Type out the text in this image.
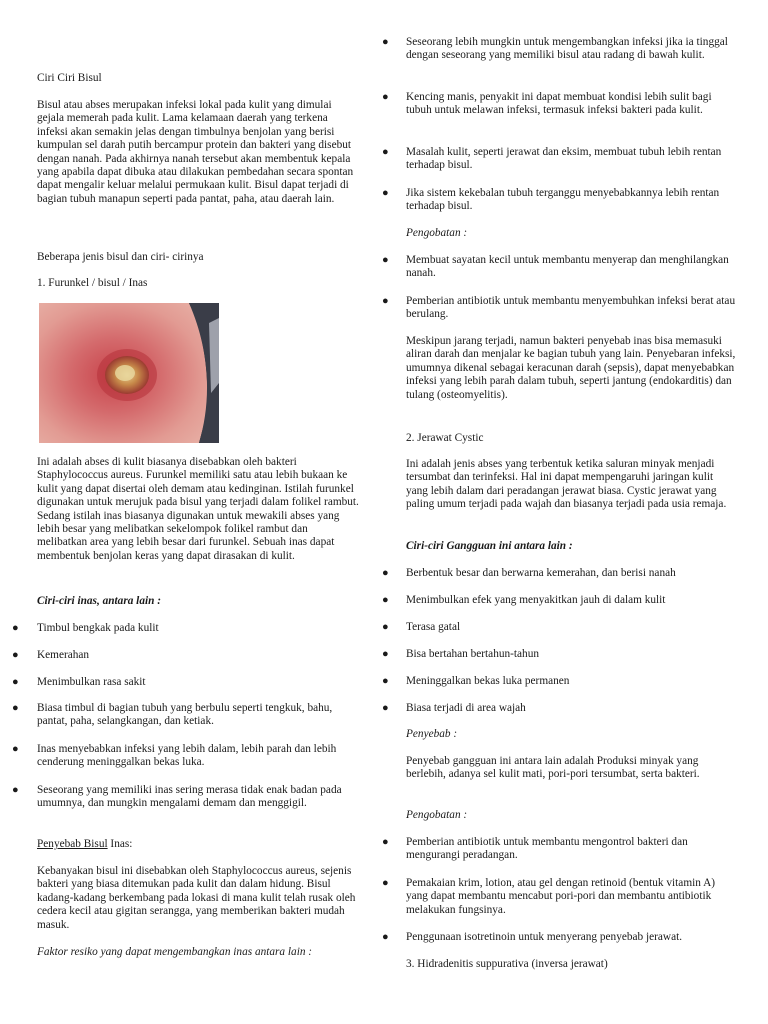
Ciri Ciri Bisul

Bisul atau abses merupakan infeksi lokal pada kulit yang dimulai gejala memerah pada kulit. Lama kelamaan daerah yang terkena infeksi akan semakin jelas dengan timbulnya benjolan yang berisi kumpulan sel darah putih bercampur protein dan bakteri yang disebut dengan nanah. Pada akhirnya nanah tersebut akan membentuk kepala yang apabila dapat dibuka atau dilakukan pembedahan secara spontan dapat mengalir keluar melalui permukaan kulit. Bisul dapat terjadi di bagian tubuh manapun seperti pada pantat, paha, atau daerah lain.

Beberapa jenis bisul dan ciri- cirinya

1. Furunkel / bisul / Inas

Ini adalah abses di kulit biasanya disebabkan oleh bakteri Staphylococcus aureus. Furunkel memiliki satu atau lebih bukaan ke kulit yang dapat disertai oleh demam atau kedinginan. Istilah furunkel digunakan untuk merujuk pada bisul yang terjadi dalam folikel rambut. Sedang istilah inas biasanya digunakan untuk mewakili abses yang lebih besar yang melibatkan sekelompok folikel rambut dan melibatkan area yang lebih besar dari furunkel. Sebuah inas dapat membentuk benjolan keras yang dapat dirasakan di kulit.

Ciri-ciri inas, antara lain :

● Timbul bengkak pada kulit
● Kemerahan
● Menimbulkan rasa sakit
● Biasa timbul di bagian tubuh yang berbulu seperti tengkuk, bahu, pantat, paha, selangkangan, dan ketiak.
● Inas menyebabkan infeksi yang lebih dalam, lebih parah dan lebih cenderung meninggalkan bekas luka.
● Seseorang yang memiliki inas sering merasa tidak enak badan pada umumnya, dan mungkin mengalami demam dan menggigil.

Penyebab Bisul Inas:

Kebanyakan bisul ini disebabkan oleh Staphylococcus aureus, sejenis bakteri yang biasa ditemukan pada kulit dan dalam hidung. Bisul kadang-kadang berkembang pada lokasi di mana kulit telah rusak oleh cedera kecil atau gigitan serangga, yang memberikan bakteri mudah masuk.

Faktor resiko yang dapat mengembangkan inas antara lain :

● Seseorang lebih mungkin untuk mengembangkan infeksi jika ia tinggal dengan seseorang yang memiliki bisul atau radang di bawah kulit.
● Kencing manis, penyakit ini dapat membuat kondisi lebih sulit bagi tubuh untuk melawan infeksi, termasuk infeksi bakteri pada kulit.
● Masalah kulit, seperti jerawat dan eksim, membuat tubuh lebih rentan terhadap bisul.
● Jika sistem kekebalan tubuh terganggu menyebabkannya lebih rentan terhadap bisul.

Pengobatan :

● Membuat sayatan kecil untuk membantu menyerap dan menghilangkan nanah.
● Pemberian antibiotik untuk membantu menyembuhkan infeksi berat atau berulang.

Meskipun jarang terjadi, namun bakteri penyebab inas bisa memasuki aliran darah dan menjalar ke bagian tubuh yang lain. Penyebaran infeksi, umumnya dikenal sebagai keracunan darah (sepsis), dapat menyebabkan infeksi yang lebih parah dalam tubuh, seperti jantung (endokarditis) dan tulang (osteomyelitis).

2. Jerawat Cystic

Ini adalah jenis abses yang terbentuk ketika saluran minyak menjadi tersumbat dan terinfeksi. Hal ini dapat mempengaruhi jaringan kulit yang lebih dalam dari peradangan jerawat biasa. Cystic jerawat yang paling umum terjadi pada wajah dan biasanya terjadi pada usia remaja.

Ciri-ciri Gangguan ini antara lain :

● Berbentuk besar dan berwarna kemerahan, dan berisi nanah
● Menimbulkan efek yang menyakitkan jauh di dalam kulit
● Terasa gatal
● Bisa bertahan bertahun-tahun
● Meninggalkan bekas luka permanen
● Biasa terjadi di area wajah

Penyebab :

Penyebab gangguan ini antara lain adalah Produksi minyak yang berlebih, adanya sel kulit mati, pori-pori tersumbat, serta bakteri.

Pengobatan :

● Pemberian antibiotik untuk membantu mengontrol bakteri dan mengurangi peradangan.
● Pemakaian krim, lotion, atau gel dengan retinoid (bentuk vitamin A) yang dapat membantu mencabut pori-pori dan membantu antibiotik melakukan fungsinya.
● Penggunaan isotretinoin untuk menyerang penyebab jerawat.

3. Hidradenitis suppurativa (inversa jerawat)
